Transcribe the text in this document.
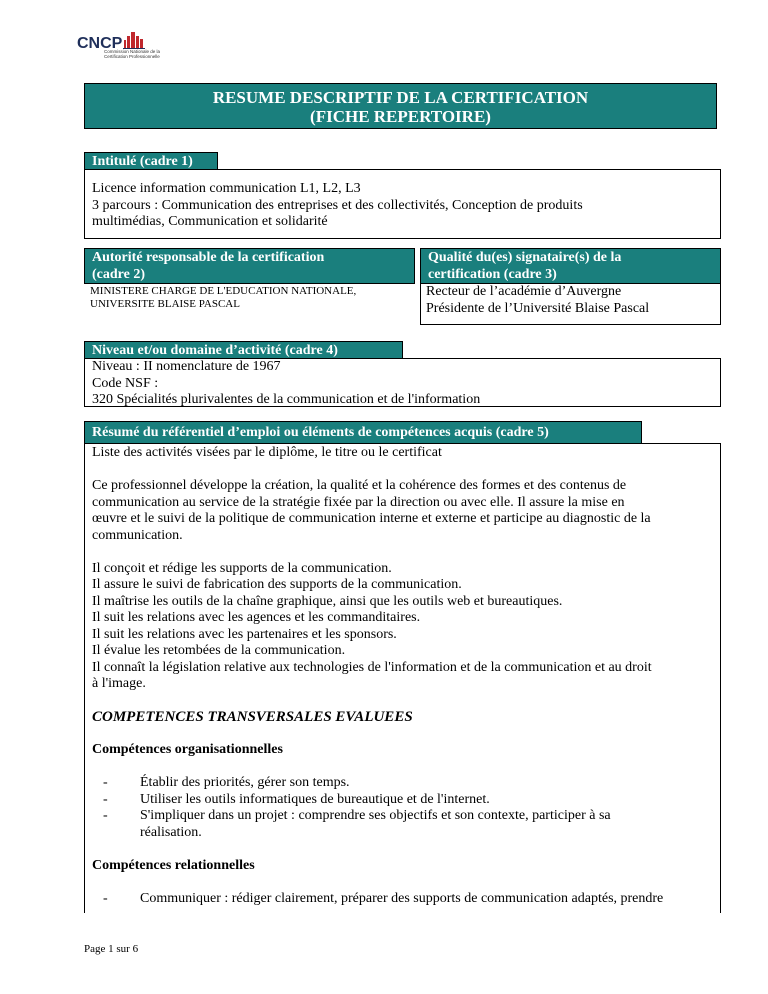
CNCP
Commission Nationale de la
Certification Professionnelle
RESUME DESCRIPTIF DE LA CERTIFICATION
(FICHE REPERTOIRE)
Intitulé (cadre 1)

Licence information communication L1, L2, L3

3 parcours : Communication des entreprises et des collectivités, Conception de produits

multimédias, Communication et solidarité

Autorité responsable de la certification
(cadre 2)
MINISTERE CHARGE DE L'EDUCATION NATIONALE,
UNIVERSITE BLAISE PASCAL
Qualité du(es) signataire(s) de la
certification (cadre 3)
Recteur de l’académie d’Auvergne
Présidente de l’Université Blaise Pascal
Niveau et/ou domaine d’activité (cadre 4)
Niveau : II nomenclature de 1967
Code NSF :
320 Spécialités plurivalentes de la communication et de l'information
Résumé du référentiel d’emploi ou éléments de compétences acquis (cadre 5)
Liste des activités visées par le diplôme, le titre ou le certificat
Ce professionnel développe la création, la qualité et la cohérence des formes et des contenus de
communication au service de la stratégie fixée par la direction ou avec elle. Il assure la mise en
œuvre et le suivi de la politique de communication interne et externe et participe au diagnostic de la
communication.
Il conçoit et rédige les supports de la communication.
Il assure le suivi de fabrication des supports de la communication.
Il maîtrise les outils de la chaîne graphique, ainsi que les outils web et bureautiques.
Il suit les relations avec les agences et les commanditaires.
Il suit les relations avec les partenaires et les sponsors.
Il évalue les retombées de la communication.
Il connaît la législation relative aux technologies de l'information et de la communication et au droit
à l'image.
COMPETENCES TRANSVERSALES EVALUEES
Compétences organisationnelles
- Établir des priorités, gérer son temps.
- Utiliser les outils informatiques de bureautique et de l'internet.
- S'impliquer dans un projet : comprendre ses objectifs et son contexte, participer à sa
réalisation.
Compétences relationnelles
- Communiquer : rédiger clairement, préparer des supports de communication adaptés, prendre
Page 1 sur 6
